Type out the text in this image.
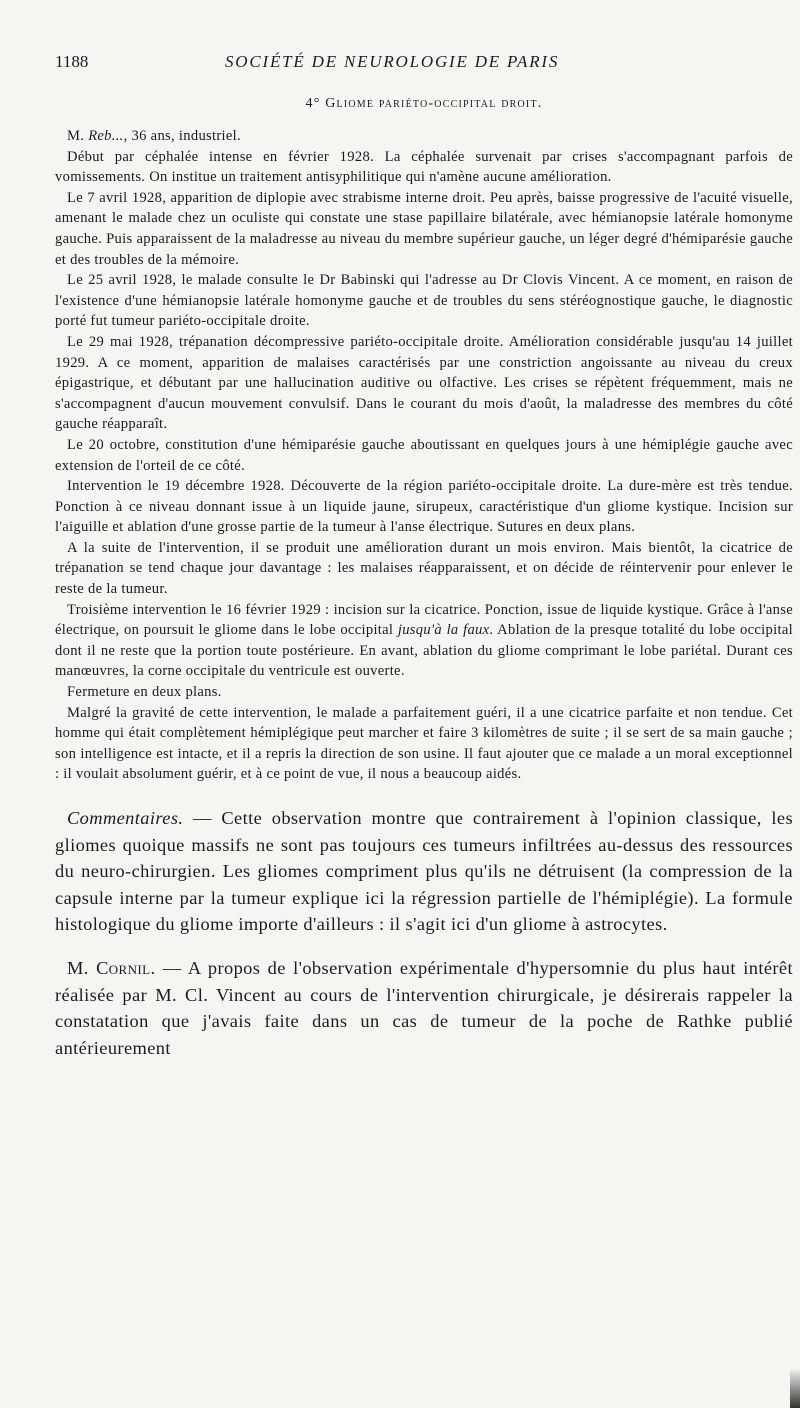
1188	SOCIÉTÉ DE NEUROLOGIE DE PARIS
4° Gliome pariéto-occipital droit.

M. Reb..., 36 ans, industriel.

Début par céphalée intense en février 1928. La céphalée survenait par crises s'accompagnant parfois de vomissements. On institue un traitement antisyphilitique qui n'amène aucune amélioration.

Le 7 avril 1928, apparition de diplopie avec strabisme interne droit. Peu après, baisse progressive de l'acuité visuelle, amenant le malade chez un oculiste qui constate une stase papillaire bilatérale, avec hémianopsie latérale homonyme gauche. Puis apparaissent de la maladresse au niveau du membre supérieur gauche, un léger degré d'hémiparésie gauche et des troubles de la mémoire.

Le 25 avril 1928, le malade consulte le Dr Babinski qui l'adresse au Dr Clovis Vincent. A ce moment, en raison de l'existence d'une hémianopsie latérale homonyme gauche et de troubles du sens stéréognostique gauche, le diagnostic porté fut tumeur pariéto-occipitale droite.

Le 29 mai 1928, trépanation décompressive pariéto-occipitale droite. Amélioration considérable jusqu'au 14 juillet 1929. A ce moment, apparition de malaises caractérisés par une constriction angoissante au niveau du creux épigastrique, et débutant par une hallucination auditive ou olfactive. Les crises se répètent fréquemment, mais ne s'accompagnent d'aucun mouvement convulsif. Dans le courant du mois d'août, la maladresse des membres du côté gauche réapparaît.

Le 20 octobre, constitution d'une hémiparésie gauche aboutissant en quelques jours à une hémiplégie gauche avec extension de l'orteil de ce côté.

Intervention le 19 décembre 1928. Découverte de la région pariéto-occipitale droite. La dure-mère est très tendue. Ponction à ce niveau donnant issue à un liquide jaune, sirupeux, caractéristique d'un gliome kystique. Incision sur l'aiguille et ablation d'une grosse partie de la tumeur à l'anse électrique. Sutures en deux plans.

A la suite de l'intervention, il se produit une amélioration durant un mois environ. Mais bientôt, la cicatrice de trépanation se tend chaque jour davantage : les malaises réapparaissent, et on décide de réintervenir pour enlever le reste de la tumeur.

Troisième intervention le 16 février 1929 : incision sur la cicatrice. Ponction, issue de liquide kystique. Grâce à l'anse électrique, on poursuit le gliome dans le lobe occipital jusqu'à la faux. Ablation de la presque totalité du lobe occipital dont il ne reste que la portion toute postérieure. En avant, ablation du gliome comprimant le lobe pariétal. Durant ces manœuvres, la corne occipitale du ventricule est ouverte.

Fermeture en deux plans.

Malgré la gravité de cette intervention, le malade a parfaitement guéri, il a une cicatrice parfaite et non tendue. Cet homme qui était complètement hémiplégique peut marcher et faire 3 kilomètres de suite ; il se sert de sa main gauche ; son intelligence est intacte, et il a repris la direction de son usine. Il faut ajouter que ce malade a un moral exceptionnel : il voulait absolument guérir, et à ce point de vue, il nous a beaucoup aidés.

Commentaires. — Cette observation montre que contrairement à l'opinion classique, les gliomes quoique massifs ne sont pas toujours ces tumeurs infiltrées au-dessus des ressources du neuro-chirurgien. Les gliomes compriment plus qu'ils ne détruisent (la compression de la capsule interne par la tumeur explique ici la régression partielle de l'hémiplégie). La formule histologique du gliome importe d'ailleurs : il s'agit ici d'un gliome à astrocytes.

M. Cornil. — A propos de l'observation expérimentale d'hypersomnie du plus haut intérêt réalisée par M. Cl. Vincent au cours de l'intervention chirurgicale, je désirerais rappeler la constatation que j'avais faite dans un cas de tumeur de la poche de Rathke publié antérieurement
